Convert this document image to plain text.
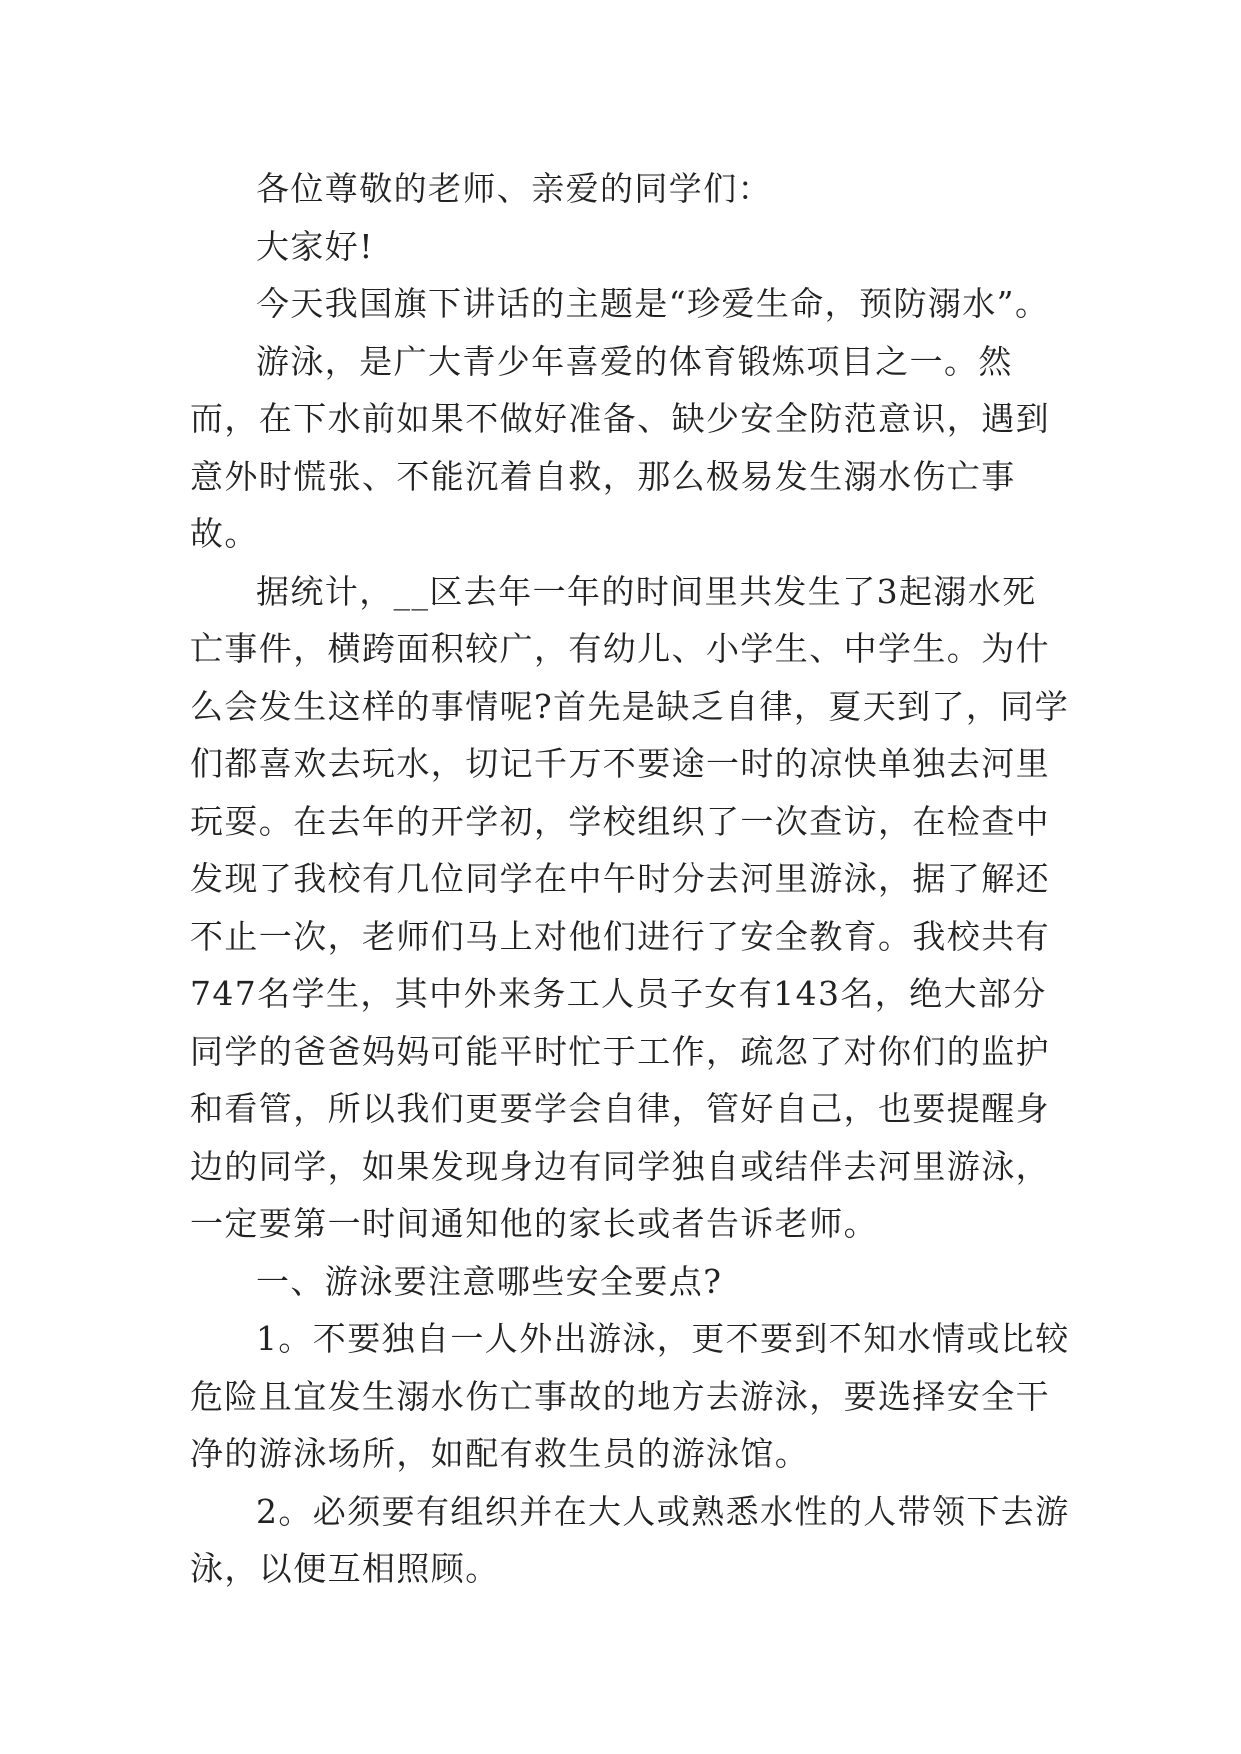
各位尊敬的老师、亲爱的同学们：

大家好!

今天我国旗下讲话的主题是“珍爱生命，预防溺水”。

游泳，是广大青少年喜爱的体育锻炼项目之一。然而，在下水前如果不做好准备、缺少安全防范意识，遇到意外时慌张、不能沉着自救，那么极易发生溺水伤亡事故。

据统计，__区去年一年的时间里共发生了3起溺水死亡事件，横跨面积较广，有幼儿、小学生、中学生。为什么会发生这样的事情呢?首先是缺乏自律，夏天到了，同学们都喜欢去玩水，切记千万不要途一时的凉快单独去河里玩耍。在去年的开学初，学校组织了一次查访，在检查中发现了我校有几位同学在中午时分去河里游泳，据了解还不止一次，老师们马上对他们进行了安全教育。我校共有747名学生，其中外来务工人员子女有143名，绝大部分同学的爸爸妈妈可能平时忙于工作，疏忽了对你们的监护和看管，所以我们更要学会自律，管好自己，也要提醒身边的同学，如果发现身边有同学独自或结伴去河里游泳，一定要第一时间通知他的家长或者告诉老师。

一、游泳要注意哪些安全要点?

1。不要独自一人外出游泳，更不要到不知水情或比较危险且宜发生溺水伤亡事故的地方去游泳，要选择安全干净的游泳场所，如配有救生员的游泳馆。

2。必须要有组织并在大人或熟悉水性的人带领下去游泳，以便互相照顾。
